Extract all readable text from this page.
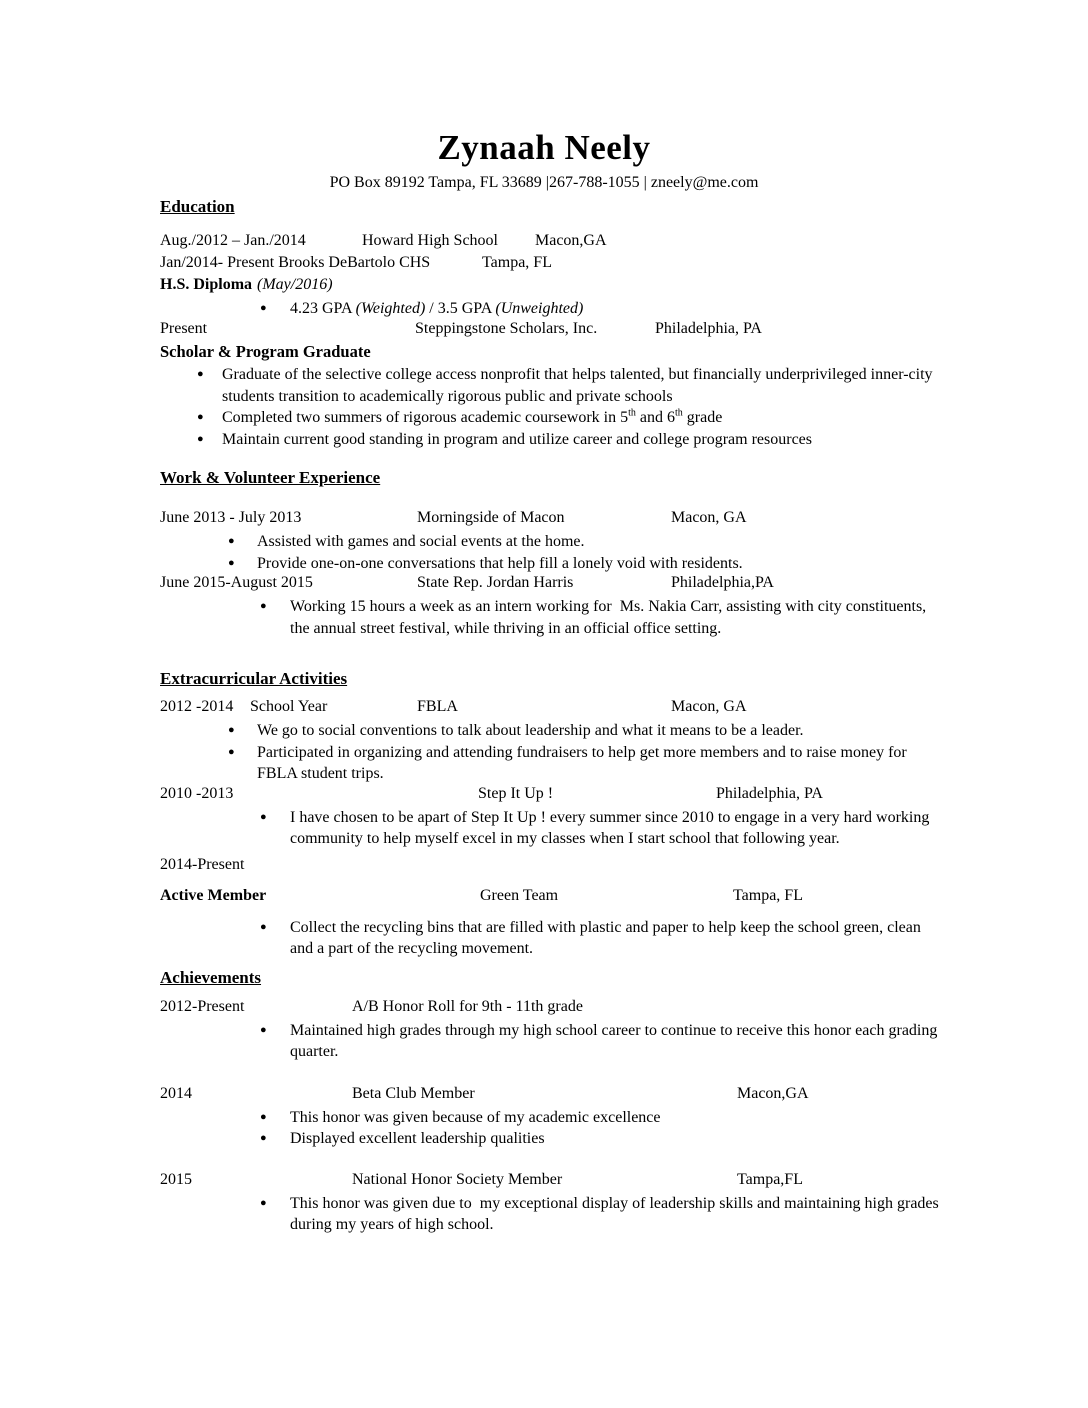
Zynaah Neely
PO Box 89192 Tampa, FL 33689 |267-788-1055 | zneely@me.com
Education
Aug./2012 – Jan./2014	Howard High School Macon,GA
Jan/2014- Present Brooks DeBartolo CHS	Tampa, FL
H.S. Diploma (May/2016)
●
4.23 GPA (Weighted) / 3.5 GPA (Unweighted)
Present	Steppingstone Scholars, Inc.	Philadelphia, PA
Scholar & Program Graduate
●
Graduate of the selective college access nonprofit that helps talented, but financially underprivileged inner-city students transition to academically rigorous public and private schools
●
Completed two summers of rigorous academic coursework in 5th and 6th grade
●
Maintain current good standing in program and utilize career and college program resources
Work & Volunteer Experience
June 2013 - July 2013	Morningside of Macon	Macon, GA
●
Assisted with games and social events at the home.
●
Provide one-on-one conversations that help fill a lonely void with residents.
June 2015-August 2015	State Rep. Jordan Harris	Philadelphia,PA
●
Working 15 hours a week as an intern working for  Ms. Nakia Carr, assisting with city constituents, the annual street festival, while thriving in an official office setting.
Extracurricular Activities
2012 -2014 School Year	FBLA	Macon, GA
●
We go to social conventions to talk about leadership and what it means to be a leader.
●
Participated in organizing and attending fundraisers to help get more members and to raise money for FBLA student trips.
2010 -2013	Step It Up !	Philadelphia, PA
●
I have chosen to be apart of Step It Up ! every summer since 2010 to engage in a very hard working community to help myself excel in my classes when I start school that following year.
2014-Present
Active Member	Green Team	Tampa, FL
●
Collect the recycling bins that are filled with plastic and paper to help keep the school green, clean  and a part of the recycling movement.
Achievements
2012-Present	A/B Honor Roll for 9th - 11th grade
●
Maintained high grades through my high school career to continue to receive this honor each grading quarter.
2014	Beta Club Member	Macon,GA
●
This honor was given because of my academic excellence
●
Displayed excellent leadership qualities
2015	National Honor Society Member	Tampa,FL
●
This honor was given due to  my exceptional display of leadership skills and maintaining high grades during my years of high school.
